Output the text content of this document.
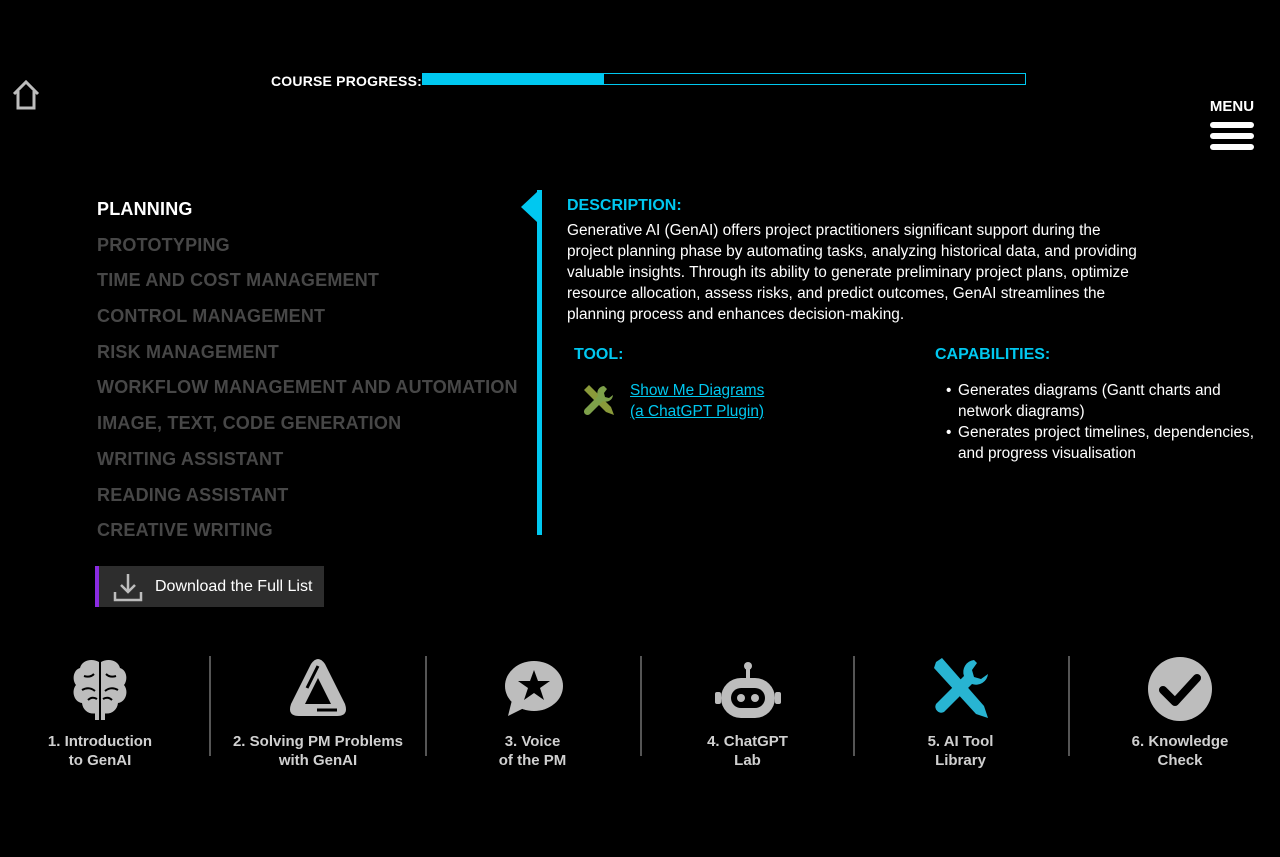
COURSE PROGRESS:
MENU
PLANNING
PROTOTYPING
TIME AND COST MANAGEMENT
CONTROL MANAGEMENT
RISK MANAGEMENT
WORKFLOW MANAGEMENT AND AUTOMATION
IMAGE, TEXT, CODE GENERATION
WRITING ASSISTANT
READING ASSISTANT
CREATIVE WRITING
Download the Full List
DESCRIPTION:

Generative AI (GenAI) offers project practitioners significant support during the project planning phase by automating tasks, analyzing historical data, and providing valuable insights. Through its ability to generate preliminary project plans, optimize resource allocation, assess risks, and predict outcomes, GenAI streamlines the planning process and enhances decision-making.

TOOL:
Show Me Diagrams
(a ChatGPT Plugin)
CAPABILITIES:
• Generates diagrams (Gantt charts and network diagrams)
• Generates project timelines, dependencies, and progress visualisation
1. Introduction
to GenAI
2. Solving PM Problems
with GenAI
3. Voice
of the PM
4. ChatGPT
Lab
5. AI Tool
Library
6. Knowledge
Check
